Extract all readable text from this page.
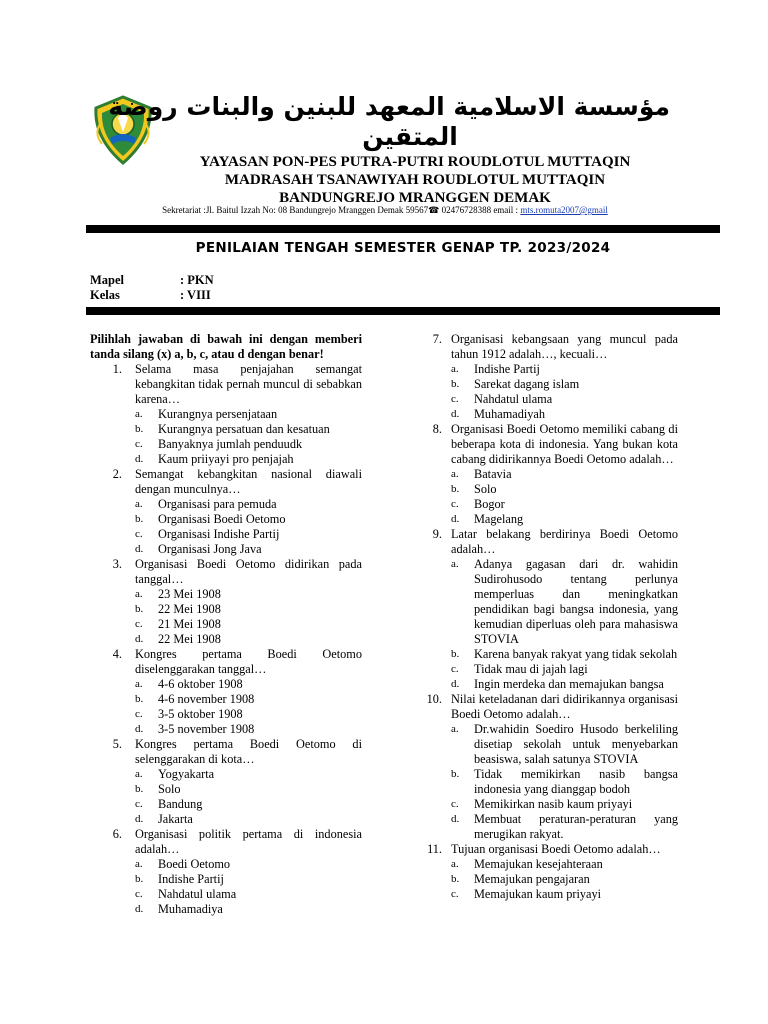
مؤسسة الاسلامية المعهد للبنين والبنات روضة
المتقين
YAYASAN PON-PES PUTRA-PUTRI ROUDLOTUL MUTTAQIN
MADRASAH TSANAWIYAH ROUDLOTUL MUTTAQIN
BANDUNGREJO MRANGGEN DEMAK
Sekretariat :Jl. Baitul Izzah No: 08 Bandungrejo Mranggen Demak 59567☎ 02476728388 email : mts.romuta2007@gmail
PENILAIAN TENGAH SEMESTER GENAP TP. 2023/2024
Mapel	: PKN
Kelas	: VIII
Pilihlah jawaban di bawah ini dengan memberi tanda silang (x) a, b, c, atau d dengan benar!
1. Selama masa penjajahan semangat kebangkitan tidak pernah muncul di sebabkan karena…
a. Kurangnya persenjataan
b. Kurangnya persatuan dan kesatuan
c. Banyaknya jumlah penduudk
d. Kaum priiyayi pro penjajah
2. Semangat kebangkitan nasional diawali dengan munculnya…
a. Organisasi para pemuda
b. Organisasi Boedi Oetomo
c. Organisasi Indishe Partij
d. Organisasi Jong Java
3. Organisasi Boedi Oetomo didirikan pada tanggal…
a. 23 Mei 1908
b. 22 Mei 1908
c. 21 Mei 1908
d. 22 Mei 1908
4. Kongres pertama Boedi Oetomo diselenggarakan tanggal…
a. 4-6 oktober 1908
b. 4-6 november 1908
c. 3-5 oktober 1908
d. 3-5 november 1908
5. Kongres pertama Boedi Oetomo di selenggarakan di kota…
a. Yogyakarta
b. Solo
c. Bandung
d. Jakarta
6. Organisasi politik pertama di indonesia adalah…
a. Boedi Oetomo
b. Indishe Partij
c. Nahdatul ulama
d. Muhamadiya
7. Organisasi kebangsaan yang muncul pada tahun 1912 adalah…, kecuali…
a. Indishe Partij
b. Sarekat dagang islam
c. Nahdatul ulama
d. Muhamadiyah
8. Organisasi Boedi Oetomo memiliki cabang di beberapa kota di indonesia. Yang bukan kota cabang didirikannya Boedi Oetomo adalah…
a. Batavia
b. Solo
c. Bogor
d. Magelang
9. Latar belakang berdirinya Boedi Oetomo adalah…
a. Adanya gagasan dari dr. wahidin Sudirohusodo tentang perlunya memperluas dan meningkatkan pendidikan bagi bangsa indonesia, yang kemudian diperluas oleh para mahasiswa STOVIA
b. Karena banyak rakyat yang tidak sekolah
c. Tidak mau di jajah lagi
d. Ingin merdeka dan memajukan bangsa
10. Nilai keteladanan dari didirikannya organisasi Boedi Oetomo adalah…
a. Dr.wahidin Soediro Husodo berkeliling disetiap sekolah untuk menyebarkan beasiswa, salah satunya STOVIA
b. Tidak memikirkan nasib bangsa indonesia yang dianggap bodoh
c. Memikirkan nasib kaum priyayi
d. Membuat peraturan-peraturan yang merugikan rakyat.
11. Tujuan organisasi Boedi Oetomo adalah…
a. Memajukan kesejahteraan
b. Memajukan pengajaran
c. Memajukan kaum priyayi
